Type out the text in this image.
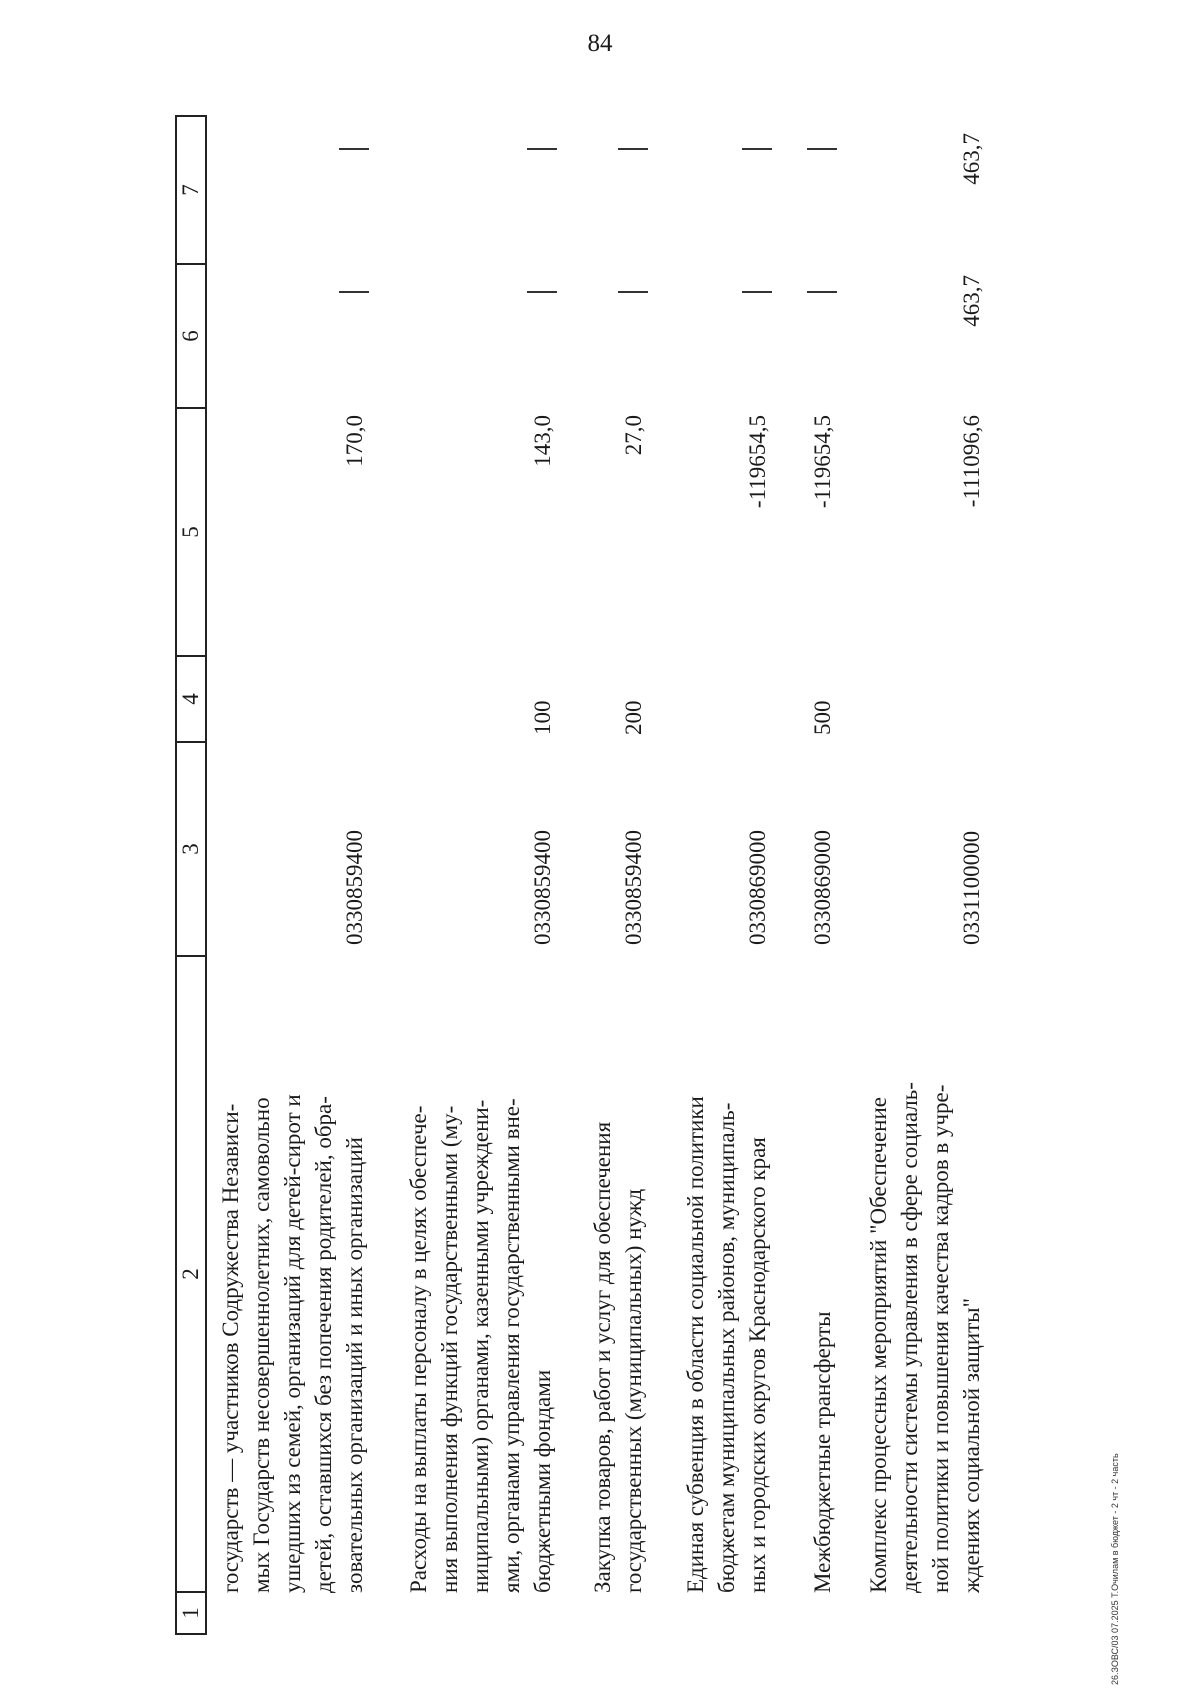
84
1
2
3
4
5
6
7
государств — участников Содружества Независи- мых Государств несовершеннолетних, самовольно ушедших из семей, организаций для детей-сирот и детей, оставшихся без попечения родителей, обра- зовательных организаций и иных организаций
0330859400
170,0
Расходы на выплаты персоналу в целях обеспече- ния выполнения функций государственными (му- ниципальными) органами, казенными учреждени- ями, органами управления государственными вне- бюджетными фондами
0330859400
100
143,0
Закупка товаров, работ и услуг для обеспечения государственных (муниципальных) нужд
0330859400
200
27,0
Единая субвенция в области социальной политики бюджетам муниципальных районов, муниципаль- ных и городских округов Краснодарского края
0330869000
-119654,5
Межбюджетные трансферты
0330869000
500
-119654,5
Комплекс процессных мероприятий "Обеспечение деятельности системы управления в сфере социаль- ной политики и повышения качества кадров в учре- ждениях социальной защиты"
0331100000
-111096,6
463,7
463,7
26.ЗОВС/03 07.2025 Т.Очилам в бюджет - 2 чт - 2 часть
